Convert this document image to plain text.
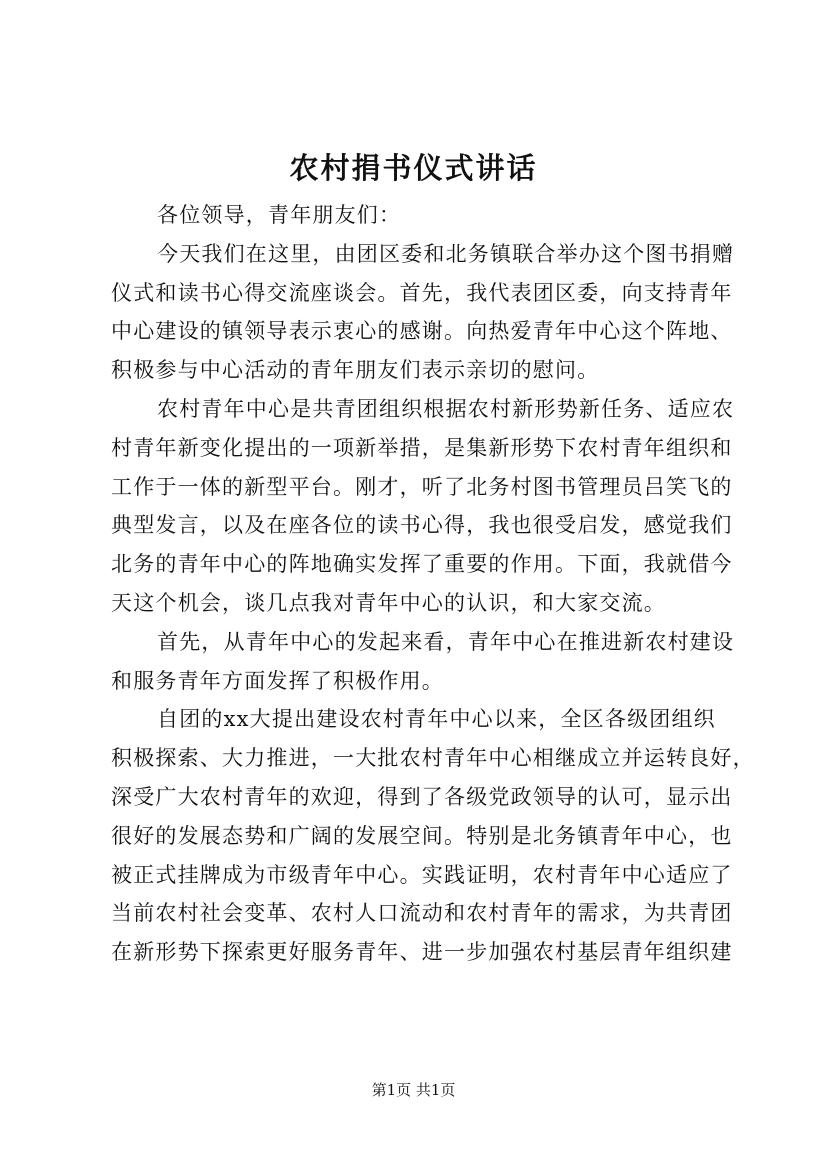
农村捐书仪式讲话
各位领导，青年朋友们：
今天我们在这里，由团区委和北务镇联合举办这个图书捐赠
仪式和读书心得交流座谈会。首先，我代表团区委，向支持青年
中心建设的镇领导表示衷心的感谢。向热爱青年中心这个阵地、
积极参与中心活动的青年朋友们表示亲切的慰问。
农村青年中心是共青团组织根据农村新形势新任务、适应农
村青年新变化提出的一项新举措，是集新形势下农村青年组织和
工作于一体的新型平台。刚才，听了北务村图书管理员吕笑飞的
典型发言，以及在座各位的读书心得，我也很受启发，感觉我们
北务的青年中心的阵地确实发挥了重要的作用。下面，我就借今
天这个机会，谈几点我对青年中心的认识，和大家交流。
首先，从青年中心的发起来看，青年中心在推进新农村建设
和服务青年方面发挥了积极作用。
自团的xx大提出建设农村青年中心以来，全区各级团组织
积极探索、大力推进，一大批农村青年中心相继成立并运转良好，
深受广大农村青年的欢迎，得到了各级党政领导的认可，显示出
很好的发展态势和广阔的发展空间。特别是北务镇青年中心，也
被正式挂牌成为市级青年中心。实践证明，农村青年中心适应了
当前农村社会变革、农村人口流动和农村青年的需求，为共青团
在新形势下探索更好服务青年、进一步加强农村基层青年组织建
第1页 共1页
